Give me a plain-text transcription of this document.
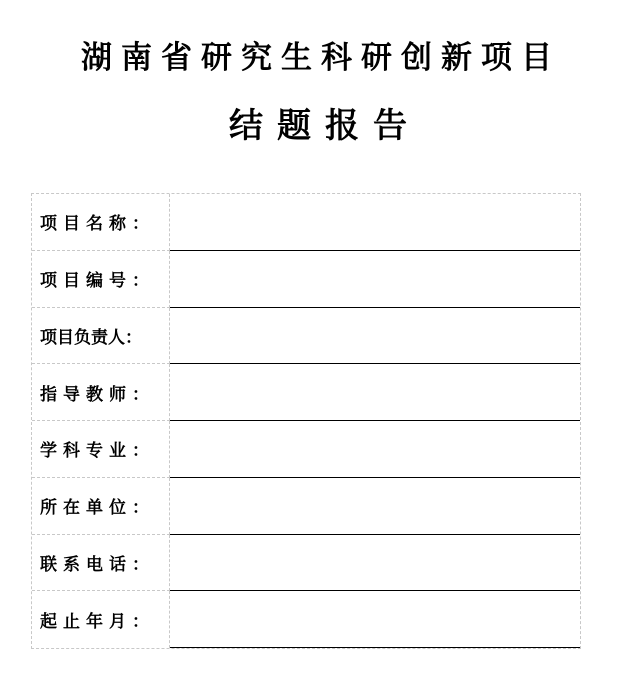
湖南省研究生科研创新项目
结题报告
项目名称：
项目编号：
项目负责人：
指导教师：
学科专业：
所在单位：
联系电话：
起止年月：
